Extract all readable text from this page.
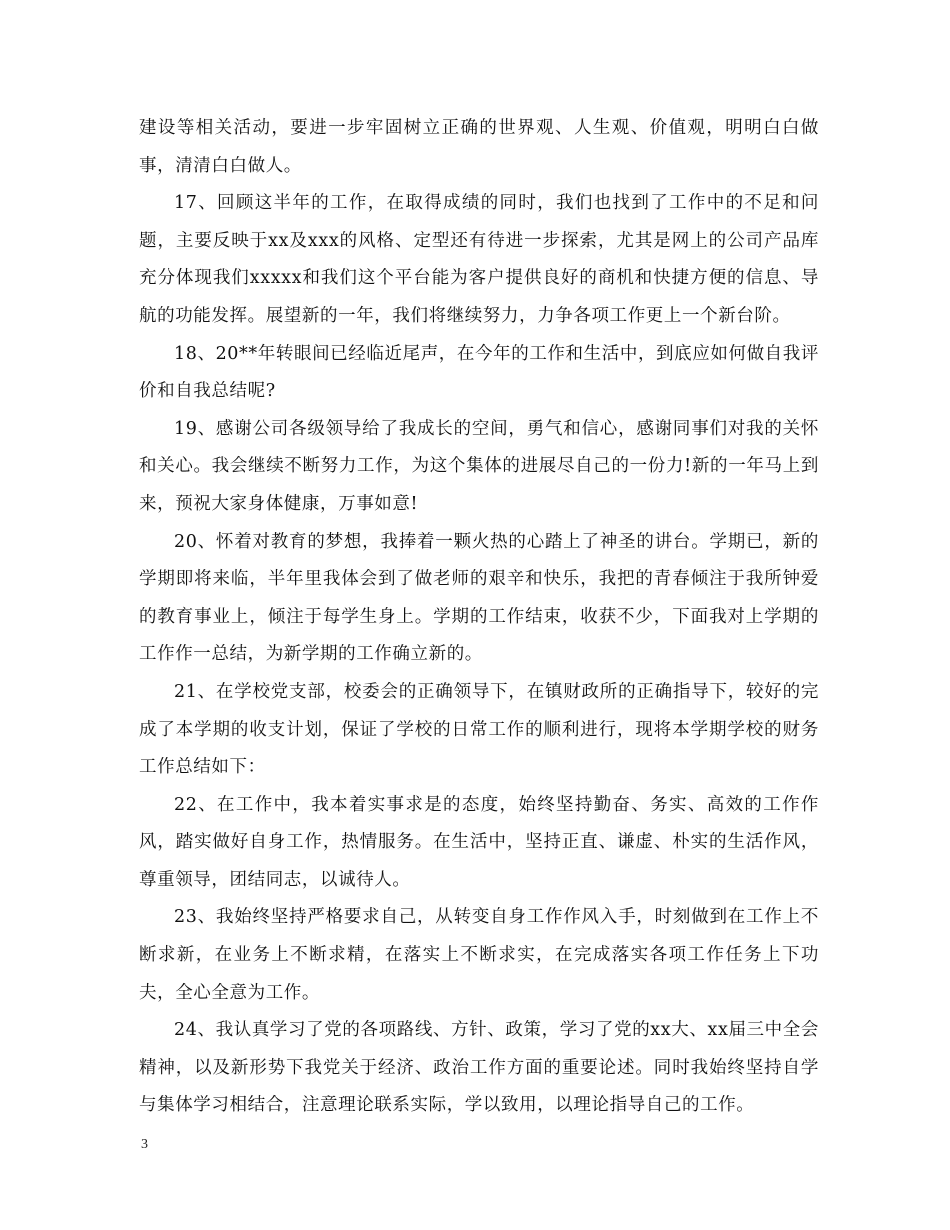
建设等相关活动，要进一步牢固树立正确的世界观、人生观、价值观，明明白白做事，清清白白做人。

17、回顾这半年的工作，在取得成绩的同时，我们也找到了工作中的不足和问题，主要反映于xx及xxx的风格、定型还有待进一步探索，尤其是网上的公司产品库充分体现我们xxxxx和我们这个平台能为客户提供良好的商机和快捷方便的信息、导航的功能发挥。展望新的一年，我们将继续努力，力争各项工作更上一个新台阶。

18、20**年转眼间已经临近尾声，在今年的工作和生活中，到底应如何做自我评价和自我总结呢?

19、感谢公司各级领导给了我成长的空间，勇气和信心，感谢同事们对我的关怀和关心。我会继续不断努力工作，为这个集体的进展尽自己的一份力!新的一年马上到来，预祝大家身体健康，万事如意!

20、怀着对教育的梦想，我捧着一颗火热的心踏上了神圣的讲台。学期已，新的学期即将来临，半年里我体会到了做老师的艰辛和快乐，我把的青春倾注于我所钟爱的教育事业上，倾注于每学生身上。学期的工作结束，收获不少，下面我对上学期的工作作一总结，为新学期的工作确立新的。

21、在学校党支部，校委会的正确领导下，在镇财政所的正确指导下，较好的完成了本学期的收支计划，保证了学校的日常工作的顺利进行，现将本学期学校的财务工作总结如下：

22、在工作中，我本着实事求是的态度，始终坚持勤奋、务实、高效的工作作风，踏实做好自身工作，热情服务。在生活中，坚持正直、谦虚、朴实的生活作风，尊重领导，团结同志，以诚待人。

23、我始终坚持严格要求自己，从转变自身工作作风入手，时刻做到在工作上不断求新，在业务上不断求精，在落实上不断求实，在完成落实各项工作任务上下功夫，全心全意为工作。

24、我认真学习了党的各项路线、方针、政策，学习了党的xx大、xx届三中全会精神，以及新形势下我党关于经济、政治工作方面的重要论述。同时我始终坚持自学与集体学习相结合，注意理论联系实际，学以致用，以理论指导自己的工作。

3
